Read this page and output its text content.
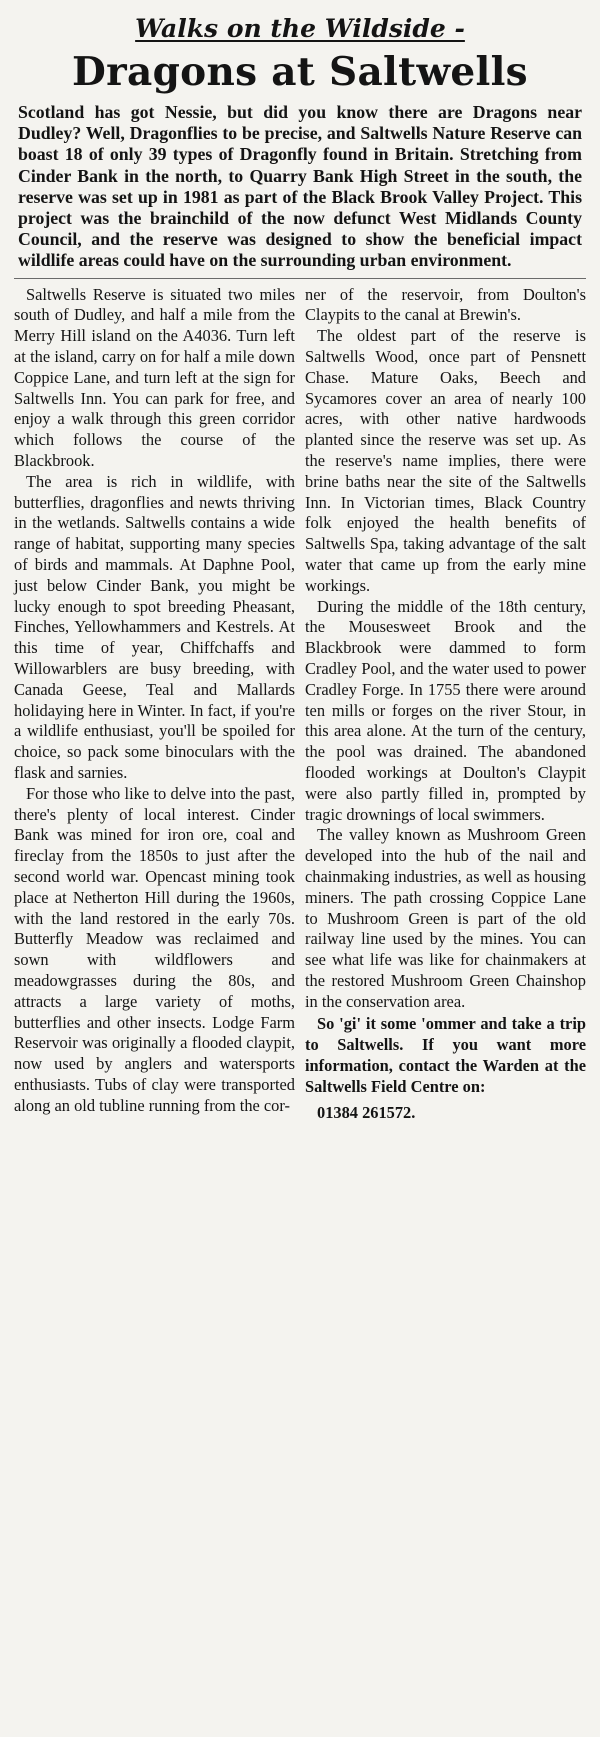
Walks on the Wildside -
Dragons at Saltwells
Scotland has got Nessie, but did you know there are Dragons near Dudley? Well, Dragonflies to be precise, and Saltwells Nature Reserve can boast 18 of only 39 types of Dragonfly found in Britain. Stretching from Cinder Bank in the north, to Quarry Bank High Street in the south, the reserve was set up in 1981 as part of the Black Brook Valley Project. This project was the brainchild of the now defunct West Midlands County Council, and the reserve was designed to show the beneficial impact wildlife areas could have on the surrounding urban environment.

Saltwells Reserve is situated two miles south of Dudley, and half a mile from the Merry Hill island on the A4036. Turn left at the island, carry on for half a mile down Coppice Lane, and turn left at the sign for Saltwells Inn. You can park for free, and enjoy a walk through this green corridor which follows the course of the Blackbrook.

The area is rich in wildlife, with butterflies, dragonflies and newts thriving in the wetlands. Saltwells contains a wide range of habitat, supporting many species of birds and mammals. At Daphne Pool, just below Cinder Bank, you might be lucky enough to spot breeding Pheasant, Finches, Yellowhammers and Kestrels. At this time of year, Chiffchaffs and Willowarblers are busy breeding, with Canada Geese, Teal and Mallards holidaying here in Winter. In fact, if you're a wildlife enthusiast, you'll be spoiled for choice, so pack some binoculars with the flask and sarnies.

For those who like to delve into the past, there's plenty of local interest. Cinder Bank was mined for iron ore, coal and fireclay from the 1850s to just after the second world war. Opencast mining took place at Netherton Hill during the 1960s, with the land restored in the early 70s. Butterfly Meadow was reclaimed and sown with wildflowers and meadowgrasses during the 80s, and attracts a large variety of moths, butterflies and other insects. Lodge Farm Reservoir was originally a flooded claypit, now used by anglers and watersports enthusiasts. Tubs of clay were transported along an old tubline running from the cor-

ner of the reservoir, from Doulton's Claypits to the canal at Brewin's.

The oldest part of the reserve is Saltwells Wood, once part of Pensnett Chase. Mature Oaks, Beech and Sycamores cover an area of nearly 100 acres, with other native hardwoods planted since the reserve was set up. As the reserve's name implies, there were brine baths near the site of the Saltwells Inn. In Victorian times, Black Country folk enjoyed the health benefits of Saltwells Spa, taking advantage of the salt water that came up from the early mine workings.

During the middle of the 18th century, the Mousesweet Brook and the Blackbrook were dammed to form Cradley Pool, and the water used to power Cradley Forge. In 1755 there were around ten mills or forges on the river Stour, in this area alone. At the turn of the century, the pool was drained. The abandoned flooded workings at Doulton's Claypit were also partly filled in, prompted by tragic drownings of local swimmers.

The valley known as Mushroom Green developed into the hub of the nail and chainmaking industries, as well as housing miners. The path crossing Coppice Lane to Mushroom Green is part of the old railway line used by the mines. You can see what life was like for chainmakers at the restored Mushroom Green Chainshop in the conservation area.

So 'gi' it some 'ommer and take a trip to Saltwells. If you want more information, contact the Warden at the Saltwells Field Centre on:

01384 261572.
